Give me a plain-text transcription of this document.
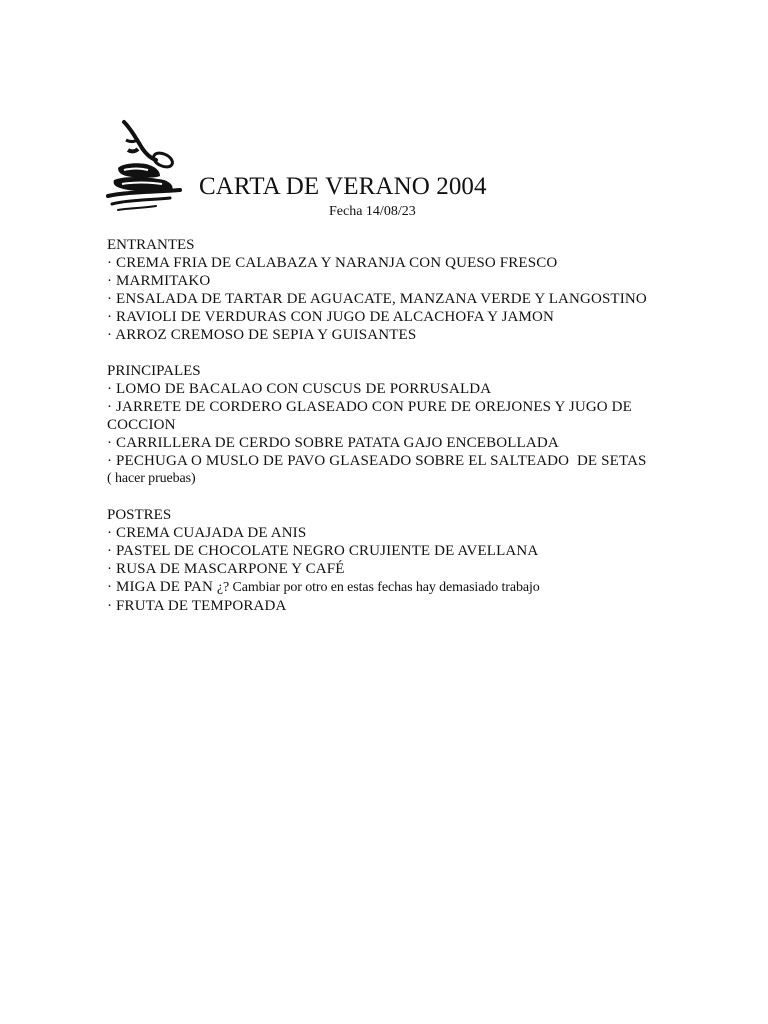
CARTA DE VERANO 2004
Fecha 14/08/23
ENTRANTES
· CREMA FRIA DE CALABAZA Y NARANJA CON QUESO FRESCO
· MARMITAKO
· ENSALADA DE TARTAR DE AGUACATE, MANZANA VERDE Y LANGOSTINO
· RAVIOLI DE VERDURAS CON JUGO DE ALCACHOFA Y JAMON
· ARROZ CREMOSO DE SEPIA Y GUISANTES
PRINCIPALES
· LOMO DE BACALAO CON CUSCUS DE PORRUSALDA
· JARRETE DE CORDERO GLASEADO CON PURE DE OREJONES Y JUGO DE COCCION
· CARRILLERA DE CERDO SOBRE PATATA GAJO ENCEBOLLADA
· PECHUGA O MUSLO DE PAVO GLASEADO SOBRE EL SALTEADO  DE SETAS
( hacer pruebas)
POSTRES
· CREMA CUAJADA DE ANIS
· PASTEL DE CHOCOLATE NEGRO CRUJIENTE DE AVELLANA
· RUSA DE MASCARPONE Y CAFÉ
· MIGA DE PAN ¿? Cambiar por otro en estas fechas hay demasiado trabajo
· FRUTA DE TEMPORADA
